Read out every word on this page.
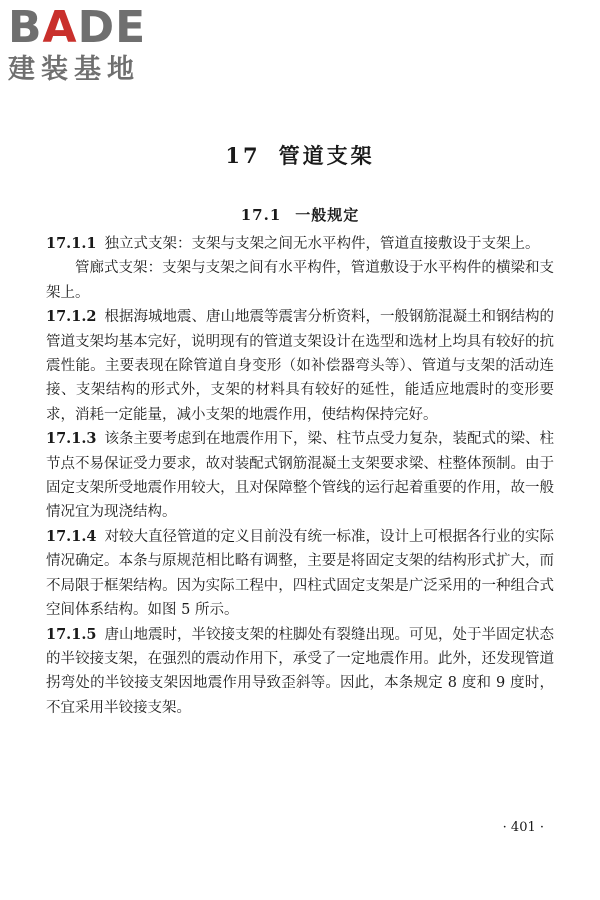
BADE
建装基地
17 管道支架
17.1 一般规定

17.1.1 独立式支架：支架与支架之间无水平构件，管道直接敷设于支架上。

管廊式支架：支架与支架之间有水平构件，管道敷设于水平构件的横梁和支架上。

17.1.2 根据海城地震、唐山地震等震害分析资料，一般钢筋混凝土和钢结构的管道支架均基本完好，说明现有的管道支架设计在选型和选材上均具有较好的抗震性能。主要表现在除管道自身变形（如补偿器弯头等）、管道与支架的活动连接、支架结构的形式外，支架的材料具有较好的延性，能适应地震时的变形要求，消耗一定能量，减小支架的地震作用，使结构保持完好。

17.1.3 该条主要考虑到在地震作用下，梁、柱节点受力复杂，装配式的梁、柱节点不易保证受力要求，故对装配式钢筋混凝土支架要求梁、柱整体预制。由于固定支架所受地震作用较大，且对保障整个管线的运行起着重要的作用，故一般情况宜为现浇结构。

17.1.4 对较大直径管道的定义目前没有统一标准，设计上可根据各行业的实际情况确定。本条与原规范相比略有调整，主要是将固定支架的结构形式扩大，而不局限于框架结构。因为实际工程中，四柱式固定支架是广泛采用的一种组合式空间体系结构。如图 5 所示。

17.1.5 唐山地震时，半铰接支架的柱脚处有裂缝出现。可见，处于半固定状态的半铰接支架，在强烈的震动作用下，承受了一定地震作用。此外，还发现管道拐弯处的半铰接支架因地震作用导致歪斜等。因此，本条规定 8 度和 9 度时，不宜采用半铰接支架。

· 401 ·
